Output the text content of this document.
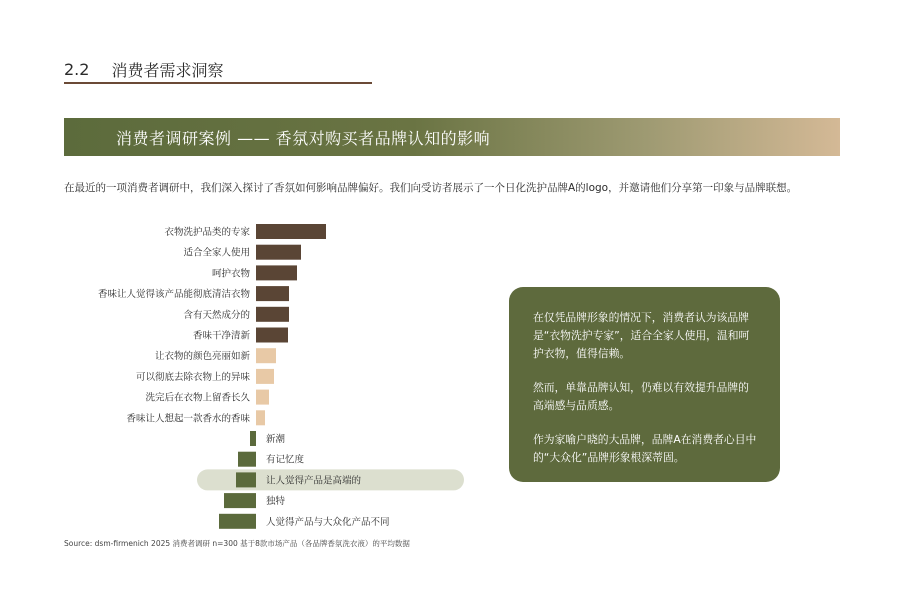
2.2 消费者需求洞察
消费者调研案例 —— 香氛对购买者品牌认知的影响
在最近的一项消费者调研中，我们深入探讨了香氛如何影响品牌偏好。我们向受访者展示了一个日化洗护品牌A的logo，并邀请他们分享第一印象与品牌联想。
衣物洗护品类的专家
适合全家人使用
呵护衣物
香味让人觉得该产品能彻底清洁衣物
含有天然成分的
香味干净清新
让衣物的颜色亮丽如新
可以彻底去除衣物上的异味
洗完后在衣物上留香长久
香味让人想起一款香水的香味
新潮
有记忆度
让人觉得产品是高端的
独特
人觉得产品与大众化产品不同

在仅凭品牌形象的情况下，消费者认为该品牌是“衣物洗护专家”，适合全家人使用，温和呵护衣物，值得信赖。

然而，单靠品牌认知，仍难以有效提升品牌的高端感与品质感。

作为家喻户晓的大品牌，品牌A在消费者心目中的“大众化”品牌形象根深蒂固。

Source: dsm-firmenich 2025 消费者调研 n=300 基于8款市场产品（各品牌香氛洗衣液）的平均数据
